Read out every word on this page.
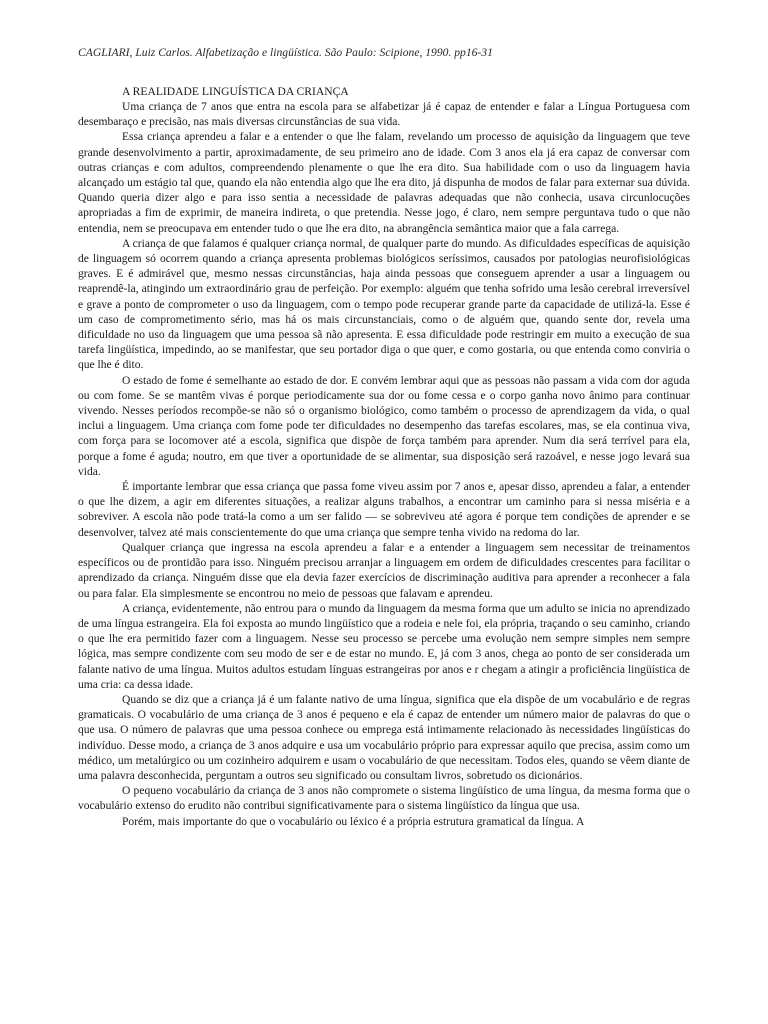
CAGLIARI, Luiz Carlos. Alfabetização e lingüística. São Paulo: Scipione, 1990. pp16-31
A REALIDADE LINGUÍSTICA DA CRIANÇA

Uma criança de 7 anos que entra na escola para se alfabetizar já é capaz de entender e falar a Língua Portuguesa com desembaraço e precisão, nas mais diversas circunstâncias de sua vida.

Essa criança aprendeu a falar e a entender o que lhe falam, revelando um processo de aquisição da linguagem que teve grande desenvolvimento a partir, aproximadamente, de seu primeiro ano de idade. Com 3 anos ela já era capaz de conversar com outras crianças e com adultos, compreendendo plenamente o que lhe era dito. Sua habilidade com o uso da linguagem havia alcançado um estágio tal que, quando ela não entendia algo que lhe era dito, já dispunha de modos de falar para externar sua dúvida. Quando queria dizer algo e para isso sentia a necessidade de palavras adequadas que não conhecia, usava circunlocuções apropriadas a fim de exprimir, de maneira indireta, o que pretendia. Nesse jogo, é claro, nem sempre perguntava tudo o que não entendia, nem se preocupava em entender tudo o que lhe era dito, na abrangência semântica maior que a fala carrega.

A criança de que falamos é qualquer criança normal, de qualquer parte do mundo. As dificuldades específicas de aquisição de linguagem só ocorrem quando a criança apresenta problemas biológicos seríssimos, causados por patologias neurofisiológicas graves. E é admirável que, mesmo nessas circunstâncias, haja ainda pessoas que conseguem aprender a usar a linguagem ou reaprendê-la, atingindo um extraordinário grau de perfeição. Por exemplo: alguém que tenha sofrido uma lesão cerebral irreversível e grave a ponto de comprometer o uso da linguagem, com o tempo pode recuperar grande parte da capacidade de utilizá-la. Esse é um caso de comprometimento sério, mas há os mais circunstanciais, como o de alguém que, quando sente dor, revela uma dificuldade no uso da linguagem que uma pessoa sã não apresenta. E essa dificuldade pode restringir em muito a execução de sua tarefa lingüística, impedindo, ao se manifestar, que seu portador diga o que quer, e como gostaria, ou que entenda como conviria o que lhe é dito.

O estado de fome é semelhante ao estado de dor. E convém lembrar aqui que as pessoas não passam a vida com dor aguda ou com fome. Se se mantêm vivas é porque periodicamente sua dor ou fome cessa e o corpo ganha novo ânimo para continuar vivendo. Nesses períodos recompõe-se não só o organismo biológico, como também o processo de aprendizagem da vida, o qual inclui a linguagem. Uma criança com fome pode ter dificuldades no desempenho das tarefas escolares, mas, se ela continua viva, com força para se locomover até a escola, significa que dispõe de força também para aprender. Num dia será terrível para ela, porque a fome é aguda; noutro, em que tiver a oportunidade de se alimentar, sua disposição será razoável, e nesse jogo levará sua vida.

É importante lembrar que essa criança que passa fome viveu assim por 7 anos e, apesar disso, aprendeu a falar, a entender o que lhe dizem, a agir em diferentes situações, a realizar alguns trabalhos, a encontrar um caminho para si nessa miséria e a sobreviver. A escola não pode tratá-la como a um ser falido — se sobreviveu até agora é porque tem condições de aprender e se desenvolver, talvez até mais conscientemente do que uma criança que sempre tenha vivido na redoma do lar.

Qualquer criança que ingressa na escola aprendeu a falar e a entender a linguagem sem necessitar de treinamentos específicos ou de prontidão para isso. Ninguém precisou arranjar a linguagem em ordem de dificuldades crescentes para facilitar o aprendizado da criança. Ninguém disse que ela devia fazer exercícios de discriminação auditiva para aprender a reconhecer a fala ou para falar. Ela simplesmente se encontrou no meio de pessoas que falavam e aprendeu.

A criança, evidentemente, não entrou para o mundo da linguagem da mesma forma que um adulto se inicia no aprendizado de uma língua estrangeira. Ela foi exposta ao mundo lingüístico que a rodeia e nele foi, ela própria, traçando o seu caminho, criando o que lhe era permitido fazer com a linguagem. Nesse seu processo se percebe uma evolução nem sempre simples nem sempre lógica, mas sempre condizente com seu modo de ser e de estar no mundo. E, já com 3 anos, chega ao ponto de ser considerada um falante nativo de uma língua. Muitos adultos estudam línguas estrangeiras por anos e r chegam a atingir a proficiência lingüística de uma cria: ca dessa idade.

Quando se diz que a criança já é um falante nativo de uma língua, significa que ela dispõe de um vocabulário e de regras gramaticais. O vocabulário de uma criança de 3 anos é pequeno e ela é capaz de entender um número maior de palavras do que o que usa. O número de palavras que uma pessoa conhece ou emprega está intimamente relacionado às necessidades lingüísticas do indivíduo. Desse modo, a criança de 3 anos adquire e usa um vocabulário próprio para expressar aquilo que precisa, assim como um médico, um metalúrgico ou um cozinheiro adquirem e usam o vocabulário de que necessitam. Todos eles, quando se vêem diante de uma palavra desconhecida, perguntam a outros seu significado ou consultam livros, sobretudo os dicionários.

O pequeno vocabulário da criança de 3 anos não compromete o sistema lingüístico de uma língua, da mesma forma que o vocabulário extenso do erudito não contribui significativamente para o sistema lingüístico da língua que usa.

Porém, mais importante do que o vocabulário ou léxico é a própria estrutura gramatical da língua. A
